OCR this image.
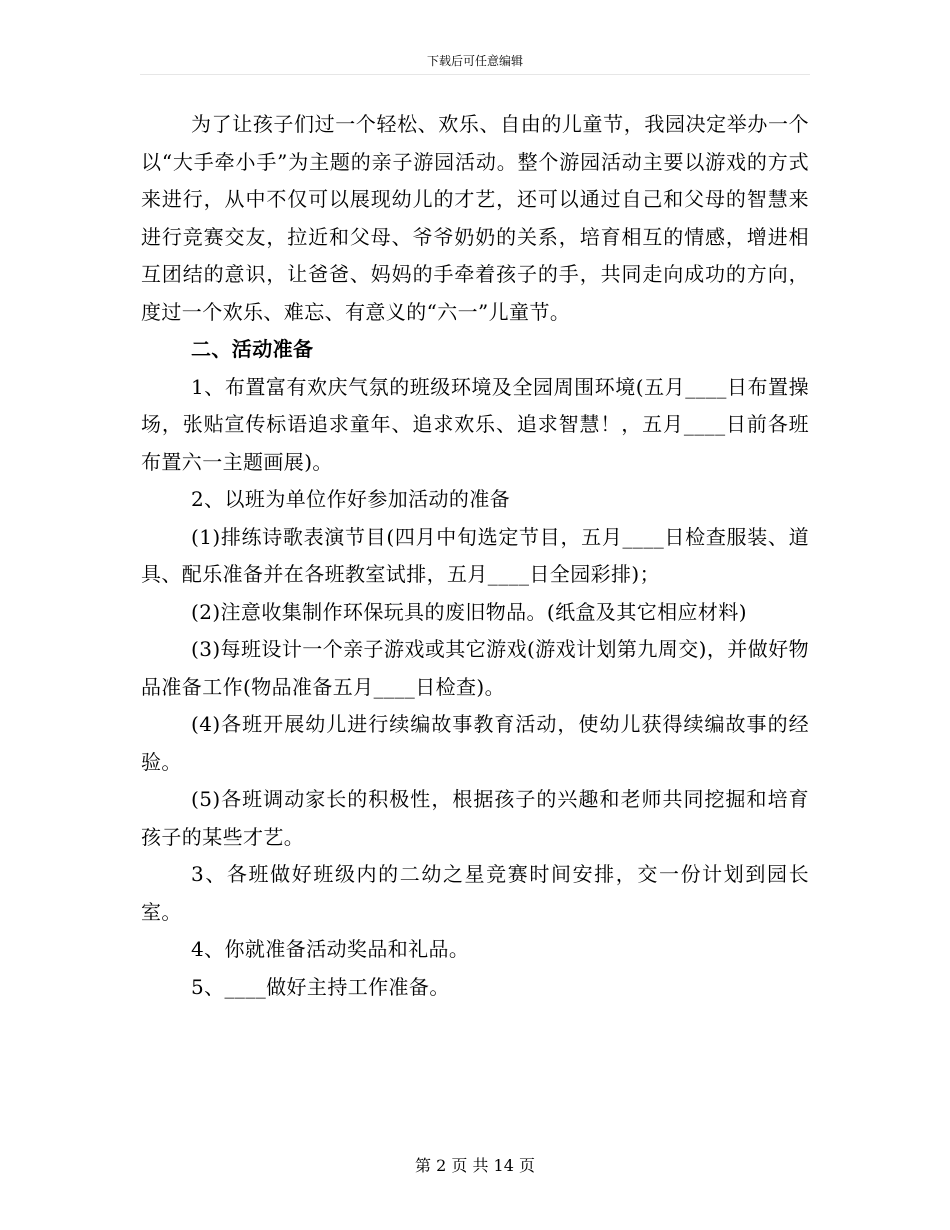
下载后可任意编辑

为了让孩子们过一个轻松、欢乐、自由的儿童节，我园决定举办一个以“大手牵小手”为主题的亲子游园活动。整个游园活动主要以游戏的方式来进行，从中不仅可以展现幼儿的才艺，还可以通过自己和父母的智慧来进行竞赛交友，拉近和父母、爷爷奶奶的关系，培育相互的情感，增进相互团结的意识，让爸爸、妈妈的手牵着孩子的手，共同走向成功的方向，度过一个欢乐、难忘、有意义的“六一”儿童节。

二、活动准备

1、布置富有欢庆气氛的班级环境及全园周围环境(五月____日布置操场，张贴宣传标语追求童年、追求欢乐、追求智慧！，五月____日前各班布置六一主题画展)。

2、以班为单位作好参加活动的准备

(1)排练诗歌表演节目(四月中旬选定节目，五月____日检查服装、道具、配乐准备并在各班教室试排，五月____日全园彩排)；

(2)注意收集制作环保玩具的废旧物品。(纸盒及其它相应材料)

(3)每班设计一个亲子游戏或其它游戏(游戏计划第九周交)，并做好物品准备工作(物品准备五月____日检查)。

(4)各班开展幼儿进行续编故事教育活动，使幼儿获得续编故事的经验。

(5)各班调动家长的积极性，根据孩子的兴趣和老师共同挖掘和培育孩子的某些才艺。

3、各班做好班级内的二幼之星竞赛时间安排，交一份计划到园长室。

4、你就准备活动奖品和礼品。

5、____做好主持工作准备。

第 2 页 共 14 页
